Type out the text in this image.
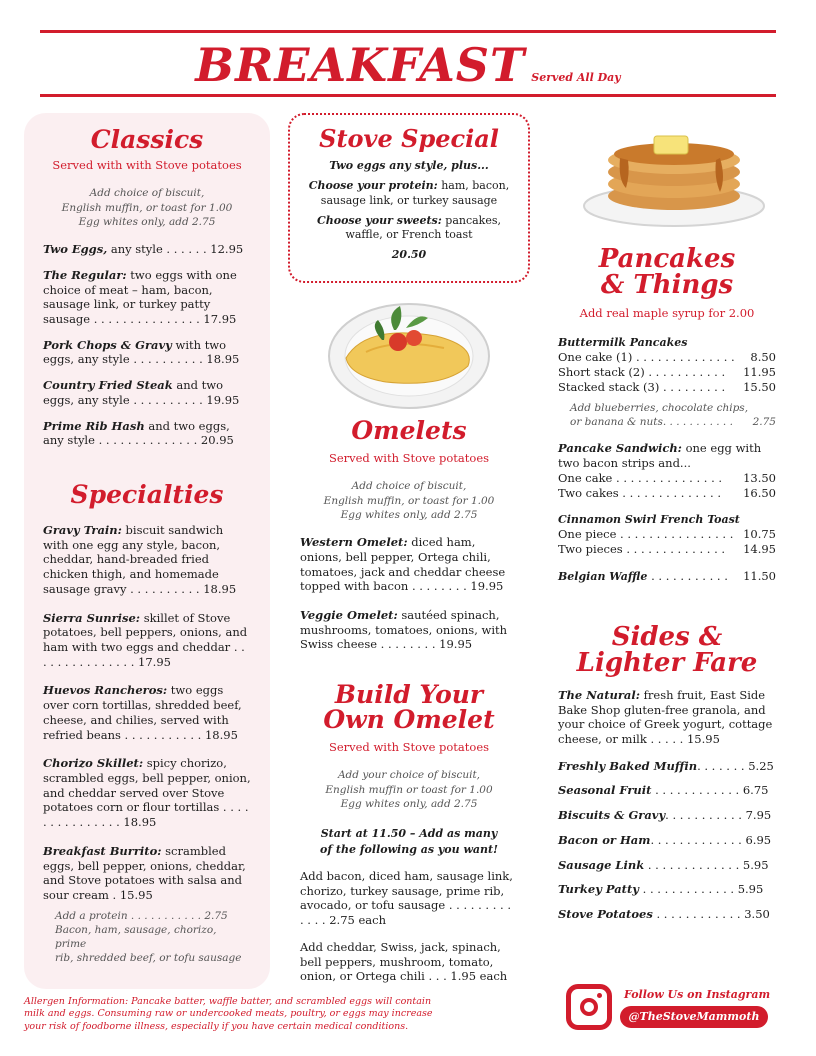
BREAKFAST Served All Day
Classics
Served with with Stove potatoes
Add choice of biscuit,
English muffin, or toast for 1.00
Egg whites only, add 2.75
Two Eggs, any style . . . . . . 12.95
The Regular: two eggs with one choice of meat – ham, bacon, sausage link, or turkey patty sausage . . . . . . . . . . . . . . . 17.95
Pork Chops & Gravy with two eggs, any style . . . . . . . . . . 18.95
Country Fried Steak and two eggs, any style . . . . . . . . . . 19.95
Prime Rib Hash and two eggs, any style . . . . . . . . . . . . . . 20.95
Specialties
Gravy Train: biscuit sandwich with one egg any style, bacon, cheddar, hand-breaded fried chicken thigh, and homemade sausage gravy . . . . . . . . . . 18.95
Sierra Sunrise: skillet of Stove potatoes, bell peppers, onions, and ham with two eggs and cheddar . . . . . . . . . . . . . . . 17.95
Huevos Rancheros: two eggs over corn tortillas, shredded beef, cheese, and chilies, served with refried beans . . . . . . . . . . . 18.95
Chorizo Skillet: spicy chorizo, scrambled eggs, bell pepper, onion, and cheddar served over Stove potatoes corn or flour tortillas . . . . . . . . . . . . . . . 18.95
Breakfast Burrito: scrambled eggs, bell pepper, onions, cheddar, and Stove potatoes with salsa and sour cream . 15.95
Add a protein . . . . . . . . . . . 2.75
Bacon, ham, sausage, chorizo, prime
rib, shredded beef, or tofu sausage
Stove Special

Two eggs any style, plus...

Choose your protein: ham, bacon, sausage link, or turkey sausage

Choose your sweets: pancakes, waffle, or French toast

20.50

Omelets
Served with Stove potatoes
Add choice of biscuit,
English muffin, or toast for 1.00
Egg whites only, add 2.75
Western Omelet: diced ham, onions, bell pepper, Ortega chili, tomatoes, jack and cheddar cheese topped with bacon . . . . . . . . 19.95
Veggie Omelet: sautéed spinach, mushrooms, tomatoes, onions, with Swiss cheese . . . . . . . . 19.95
Build Your
Own Omelet
Served with Stove potatoes
Add your choice of biscuit,
English muffin or toast for 1.00
Egg whites only, add 2.75
Start at 11.50 – Add as many
of the following as you want!
Add bacon, diced ham, sausage link, chorizo, turkey sausage, prime rib, avocado, or tofu sausage . . . . . . . . . . . . . 2.75 each
Add cheddar, Swiss, jack, spinach, bell peppers, mushroom, tomato, onion, or Ortega chili . . . 1.95 each
Pancakes
& Things
Add real maple syrup for 2.00
Buttermilk Pancakes
One cake (1) . . . . . . . . . . . . . . 8.50
Short stack (2) . . . . . . . . . . . 11.95
Stacked stack (3) . . . . . . . . . 15.50
Add blueberries, chocolate chips,
or banana & nuts. . . . . . . . . . . 2.75
Pancake Sandwich: one egg with two bacon strips and...
One cake . . . . . . . . . . . . . . . 13.50
Two cakes . . . . . . . . . . . . . . 16.50
Cinnamon Swirl French Toast
One piece . . . . . . . . . . . . . . . . 10.75
Two pieces . . . . . . . . . . . . . . 14.95
Belgian Waffle . . . . . . . . . . . 11.50
Sides &
Lighter Fare
The Natural: fresh fruit, East Side Bake Shop gluten-free granola, and your choice of Greek yogurt, cottage cheese, or milk . . . . . 15.95
Freshly Baked Muffin. . . . . . . 5.25
Seasonal Fruit . . . . . . . . . . . . 6.75
Biscuits & Gravy. . . . . . . . . . . 7.95
Bacon or Ham. . . . . . . . . . . . . 6.95
Sausage Link . . . . . . . . . . . . . 5.95
Turkey Patty . . . . . . . . . . . . . 5.95
Stove Potatoes . . . . . . . . . . . . 3.50
Allergen Information: Pancake batter, waffle batter, and scrambled eggs will contain milk and eggs. Consuming raw or undercooked meats, poultry, or eggs may increase your risk of foodborne illness, especially if you have certain medical conditions.
Follow Us on Instagram
@TheStoveMammoth
